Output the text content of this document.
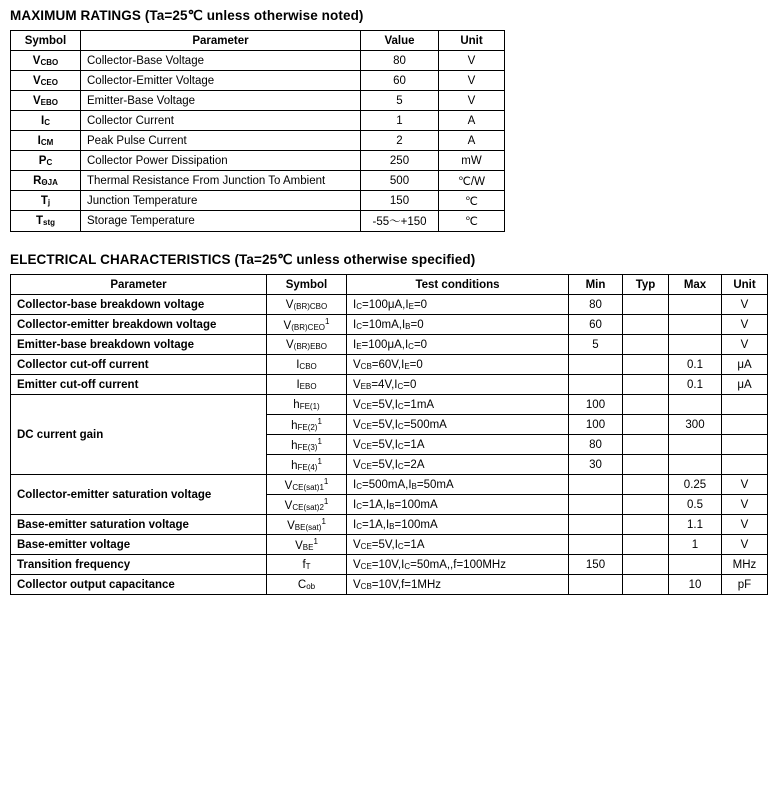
MAXIMUM RATINGS (Ta=25℃ unless otherwise noted)
Symbol	Parameter	Value	Unit
VCBO	Collector-Base Voltage	80	V
VCEO	Collector-Emitter Voltage	60	V
VEBO	Emitter-Base Voltage	5	V
IC	Collector Current	1	A
ICM	Peak Pulse Current	2	A
PC	Collector Power Dissipation	250	mW
RΘJA	Thermal Resistance From Junction To Ambient	500	℃/W
Tj	Junction Temperature	150	℃
Tstg	Storage Temperature	-55～+150	℃
ELECTRICAL CHARACTERISTICS (Ta=25℃ unless otherwise specified)
Parameter	Symbol	Test conditions	Min	Typ	Max	Unit
Collector-base breakdown voltage	V(BR)CBO	IC=100μA,IE=0	80			V
Collector-emitter breakdown voltage	V(BR)CEO$^1$	IC=10mA,IB=0	60			V
Emitter-base breakdown voltage	V(BR)EBO	IE=100μA,IC=0	5			V
Collector cut-off current	ICBO	VCB=60V,IE=0			0.1	μA
Emitter cut-off current	IEBO	VEB=4V,IC=0			0.1	μA
DC current gain	hFE(1)	VCE=5V,IC=1mA	100			
	$hFE(2)^1$	VCE=5V,IC=500mA	100		300	
	$hFE(3)^1$	VCE=5V,IC=1A	80			
	$hFE(4)^1$	VCE=5V,IC=2A	30			
Collector-emitter saturation voltage	$VCE(sat)1^1$	IC=500mA,IB=50mA			0.25	V
	$VCE(sat)2^1$	IC=1A,IB=100mA			0.5	V
Base-emitter saturation voltage	VBE(sat)$^1$	IC=1A,IB=100mA			1.1	V
Base-emitter voltage	VBE$^1$	VCE=5V,IC=1A			1	V
Transition frequency	fT	VCE=10V,IC=50mA,,f=100MHz	150			MHz
Collector output capacitance	Cob	VCB=10V,f=1MHz			10	pF
